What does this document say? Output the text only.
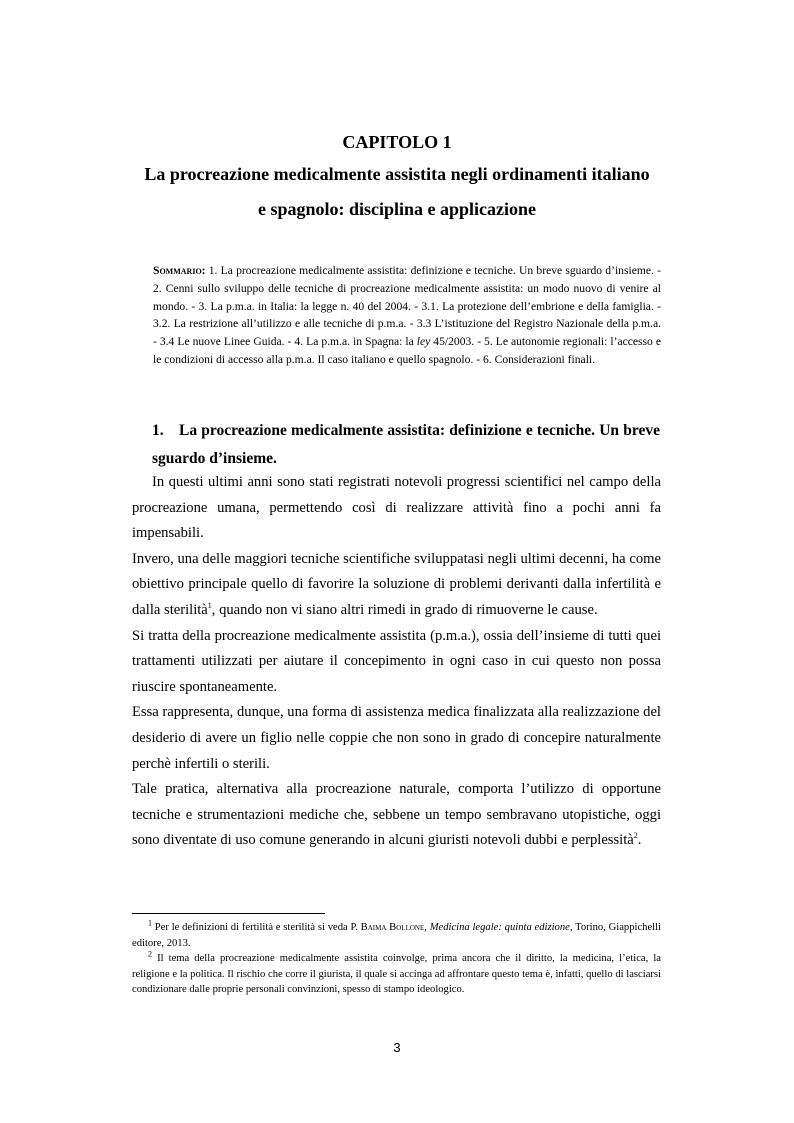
CAPITOLO 1
La procreazione medicalmente assistita negli ordinamenti italiano
e spagnolo: disciplina e applicazione
Sommario: 1. La procreazione medicalmente assistita: definizione e tecniche. Un breve sguardo d’insieme. - 2. Cenni sullo sviluppo delle tecniche di procreazione medicalmente assistita: un modo nuovo di venire al mondo. - 3. La p.m.a. in Italia: la legge n. 40 del 2004. - 3.1. La protezione dell’embrione e della famiglia. - 3.2. La restrizione all’utilizzo e alle tecniche di p.m.a. - 3.3 L’istituzione del Registro Nazionale della p.m.a. - 3.4 Le nuove Linee Guida. - 4. La p.m.a. in Spagna: la ley 45/2003. - 5. Le autonomie regionali: l’accesso e le condizioni di accesso alla p.m.a. Il caso italiano e quello spagnolo. - 6. Considerazioni finali.
1. La procreazione medicalmente assistita: definizione e tecniche. Un breve sguardo d’insieme.

In questi ultimi anni sono stati registrati notevoli progressi scientifici nel campo della procreazione umana, permettendo così di realizzare attività fino a pochi anni fa impensabili.

Invero, una delle maggiori tecniche scientifiche sviluppatasi negli ultimi decenni, ha come obiettivo principale quello di favorire la soluzione di problemi derivanti dalla infertilità e dalla sterilità$^1$, quando non vi siano altri rimedi in grado di rimuoverne le cause.

Si tratta della procreazione medicalmente assistita (p.m.a.), ossia dell’insieme di tutti quei trattamenti utilizzati per aiutare il concepimento in ogni caso in cui questo non possa riuscire spontaneamente.

Essa rappresenta, dunque, una forma di assistenza medica finalizzata alla realizzazione del desiderio di avere un figlio nelle coppie che non sono in grado di concepire naturalmente perchè infertili o sterili.

Tale pratica, alternativa alla procreazione naturale, comporta l’utilizzo di opportune tecniche e strumentazioni mediche che, sebbene un tempo sembravano utopistiche, oggi sono diventate di uso comune generando in alcuni giuristi notevoli dubbi e perplessità$^2$.

$^1$ Per le definizioni di fertilità e sterilità si veda P. Baima Bollone, Medicina legale: quinta edizione, Torino, Giappichelli editore, 2013.

$^2$ Il tema della procreazione medicalmente assistita coinvolge, prima ancora che il diritto, la medicina, l’etica, la religione e la politica. Il rischio che corre il giurista, il quale si accinga ad affrontare questo tema è, infatti, quello di lasciarsi condizionare dalle proprie personali convinzioni, spesso di stampo ideologico.

3
